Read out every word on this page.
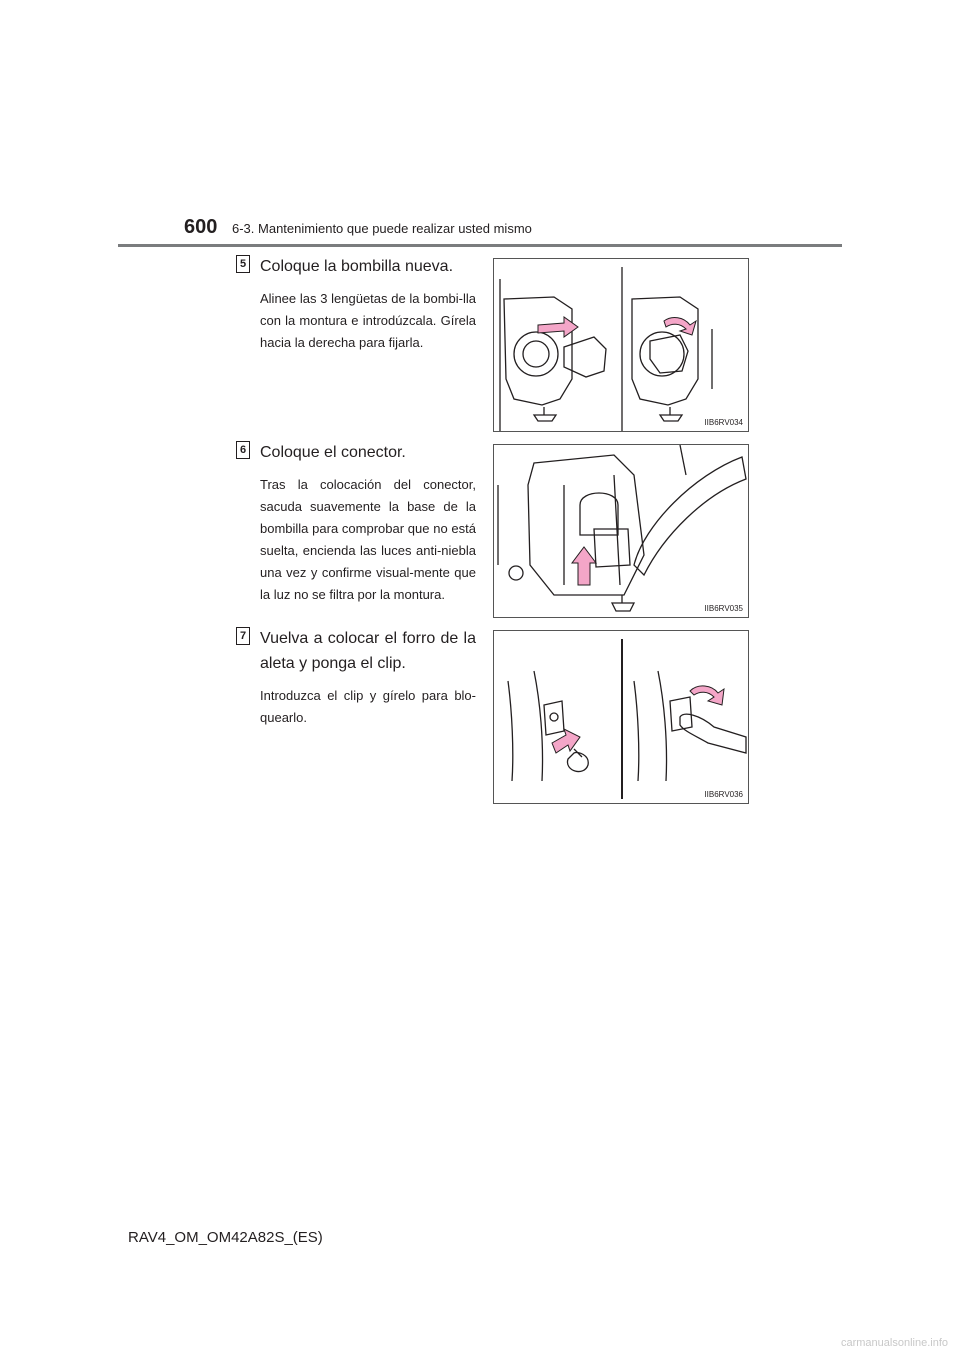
600 6-3. Mantenimiento que puede realizar usted mismo
5 Coloque la bombilla nueva.
Alinee las 3 lengüetas de la bombi-lla con la montura e introdúzcala. Gírela hacia la derecha para fijarla.
IIB6RV034
6 Coloque el conector.
Tras la colocación del conector, sacuda suavemente la base de la bombilla para comprobar que no está suelta, encienda las luces anti-niebla una vez y confirme visual-mente que la luz no se filtra por la montura.
IIB6RV035
7 Vuelva a colocar el forro de la aleta y ponga el clip.
Introduzca el clip y gírelo para blo-quearlo.
IIB6RV036
RAV4_OM_OM42A82S_(ES)
carmanualsonline.info
